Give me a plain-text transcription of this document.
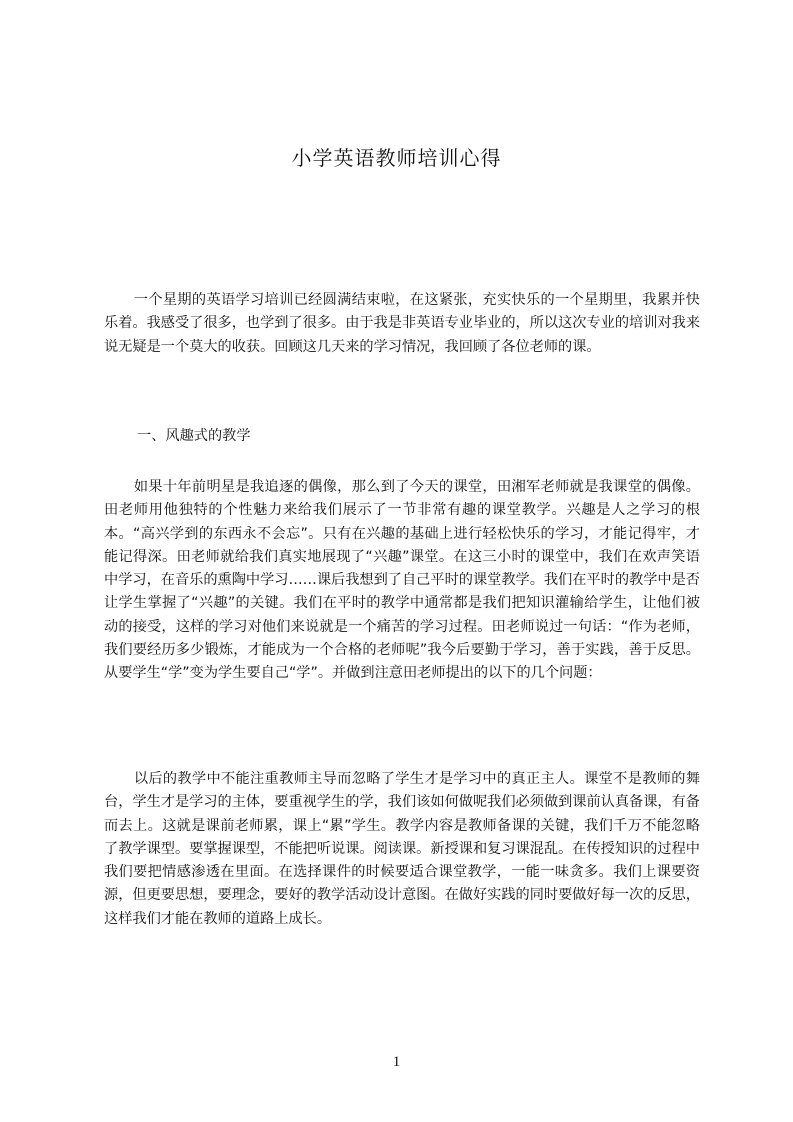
小学英语教师培训心得

一个星期的英语学习培训已经圆满结束啦，在这紧张，充实快乐的一个星期里，我累并快乐着。我感受了很多，也学到了很多。由于我是非英语专业毕业的，所以这次专业的培训对我来说无疑是一个莫大的收获。回顾这几天来的学习情况，我回顾了各位老师的课。

一、风趣式的教学

如果十年前明星是我追逐的偶像，那么到了今天的课堂，田湘军老师就是我课堂的偶像。田老师用他独特的个性魅力来给我们展示了一节非常有趣的课堂教学。兴趣是人之学习的根本。“高兴学到的东西永不会忘”。只有在兴趣的基础上进行轻松快乐的学习，才能记得牢，才能记得深。田老师就给我们真实地展现了“兴趣”课堂。在这三小时的课堂中，我们在欢声笑语中学习，在音乐的熏陶中学习……课后我想到了自己平时的课堂教学。我们在平时的教学中是否让学生掌握了“兴趣”的关键。我们在平时的教学中通常都是我们把知识灌输给学生，让他们被动的接受，这样的学习对他们来说就是一个痛苦的学习过程。田老师说过一句话：“作为老师，我们要经历多少锻炼，才能成为一个合格的老师呢”我今后要勤于学习，善于实践，善于反思。从要学生“学”变为学生要自己“学”。并做到注意田老师提出的以下的几个问题：

以后的教学中不能注重教师主导而忽略了学生才是学习中的真正主人。课堂不是教师的舞台，学生才是学习的主体，要重视学生的学，我们该如何做呢我们必须做到课前认真备课，有备而去上。这就是课前老师累，课上“累”学生。教学内容是教师备课的关键，我们千万不能忽略了教学课型。要掌握课型，不能把听说课。阅读课。新授课和复习课混乱。在传授知识的过程中我们要把情感渗透在里面。在选择课件的时候要适合课堂教学，一能一味贪多。我们上课要资源，但更要思想，要理念，要好的教学活动设计意图。在做好实践的同时要做好每一次的反思，这样我们才能在教师的道路上成长。

1
